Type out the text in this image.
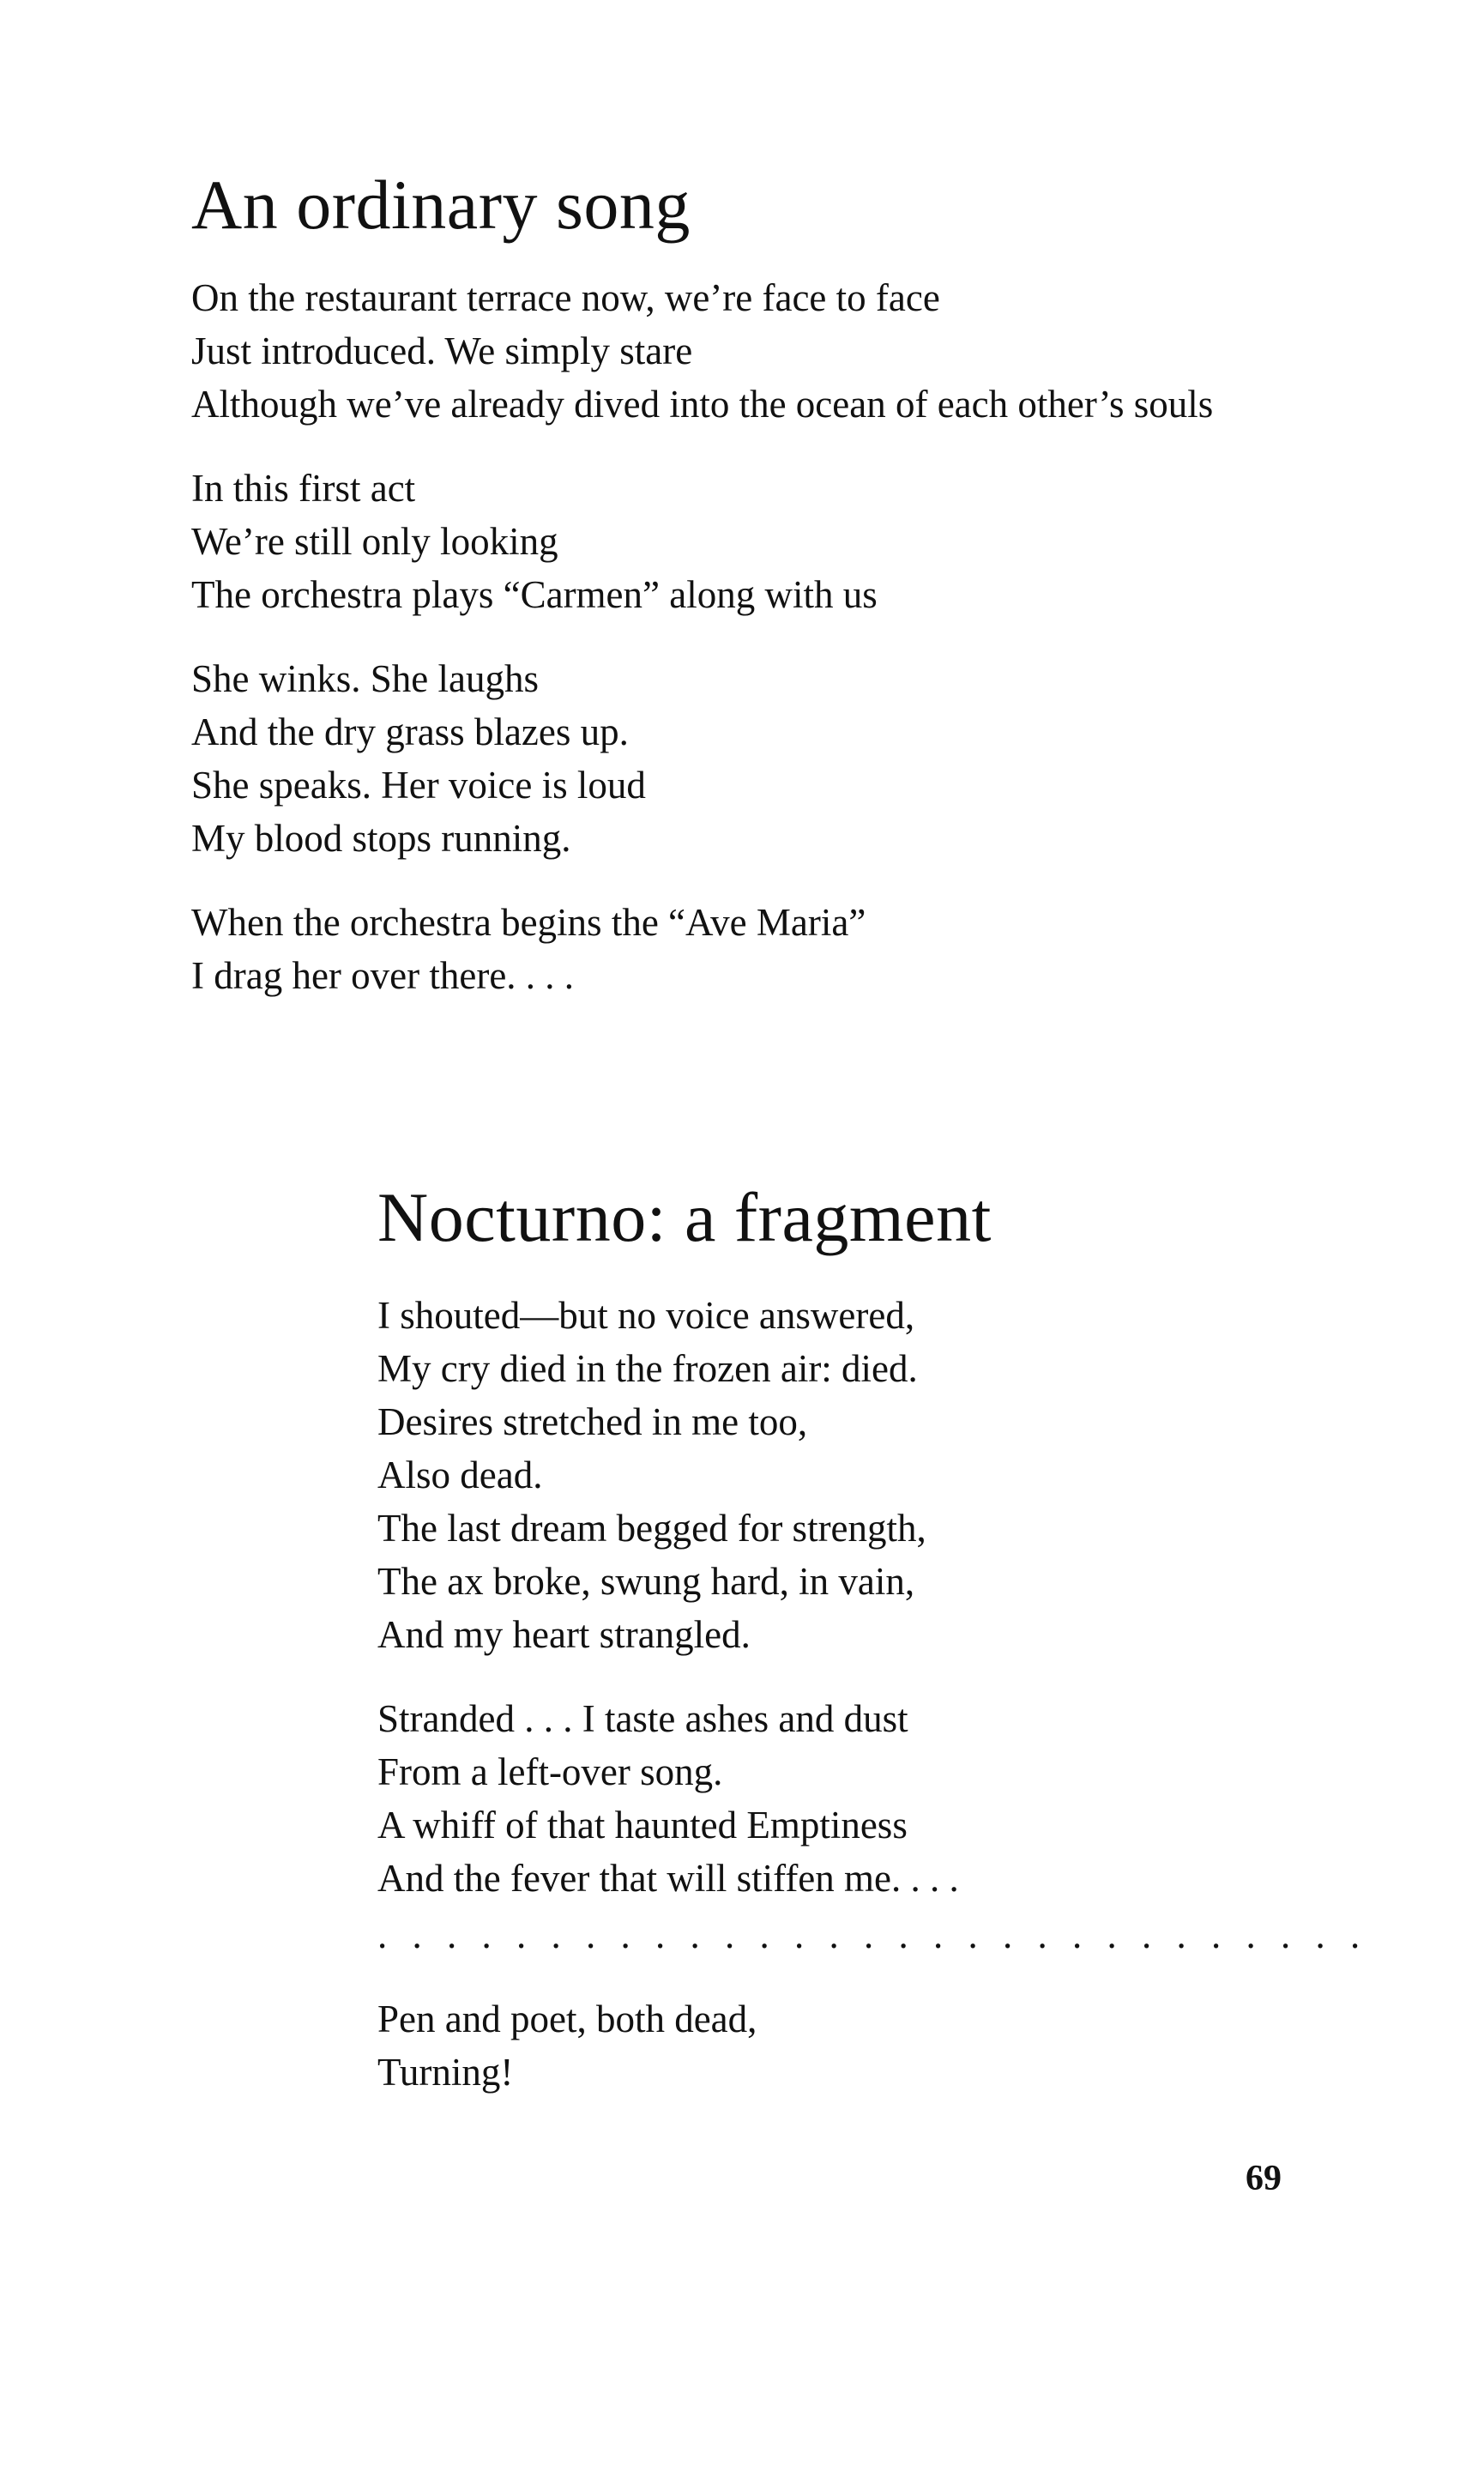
An ordinary song

On the restaurant terrace now, we’re face to face
Just introduced. We simply stare
Although we’ve already dived into the ocean of each other’s souls

In this first act
We’re still only looking
The orchestra plays “Carmen” along with us

She winks. She laughs
And the dry grass blazes up.
She speaks. Her voice is loud
My blood stops running.

When the orchestra begins the “Ave Maria”
I drag her over there. . . .

Nocturno: a fragment

I shouted—but no voice answered,
My cry died in the frozen air: died.
Desires stretched in me too,
Also dead.
The last dream begged for strength,
The ax broke, swung hard, in vain,
And my heart strangled.

Stranded . . . I taste ashes and dust
From a left-over song.
A whiff of that haunted Emptiness
And the fever that will stiffen me. . . .

. . . . . . . . . . . . . . . . . . . . . . . . . . . . .

Pen and poet, both dead,
Turning!

69
